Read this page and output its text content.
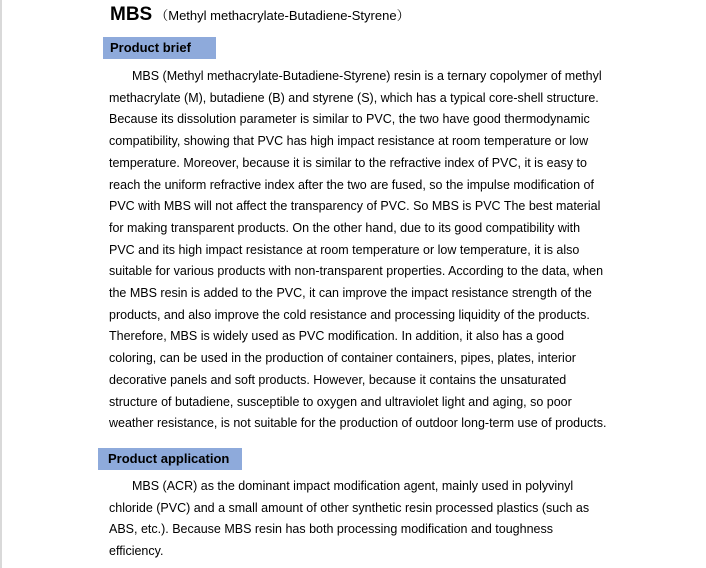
MBS （Methyl methacrylate-Butadiene-Styrene）
Product brief

MBS (Methyl methacrylate-Butadiene-Styrene) resin is a ternary copolymer of methyl methacrylate (M), butadiene (B) and styrene (S), which has a typical core-shell structure. Because its dissolution parameter is similar to PVC, the two have good thermodynamic compatibility, showing that PVC has high impact resistance at room temperature or low temperature. Moreover, because it is similar to the refractive index of PVC, it is easy to reach the uniform refractive index after the two are fused, so the impulse modification of PVC with MBS will not affect the transparency of PVC. So MBS is PVC The best material for making transparent products. On the other hand, due to its good compatibility with PVC and its high impact resistance at room temperature or low temperature, it is also suitable for various products with non-transparent properties. According to the data, when the MBS resin is added to the PVC, it can improve the impact resistance strength of the products, and also improve the cold resistance and processing liquidity of the products. Therefore, MBS is widely used as PVC modification. In addition, it also has a good coloring, can be used in the production of container containers, pipes, plates, interior decorative panels and soft products. However, because it contains the unsaturated structure of butadiene, susceptible to oxygen and ultraviolet light and aging, so poor weather resistance, is not suitable for the production of outdoor long-term use of products.

Product application

MBS (ACR) as the dominant impact modification agent, mainly used in polyvinyl chloride (PVC) and a small amount of other synthetic resin processed plastics (such as ABS, etc.). Because MBS resin has both processing modification and toughness efficiency.
